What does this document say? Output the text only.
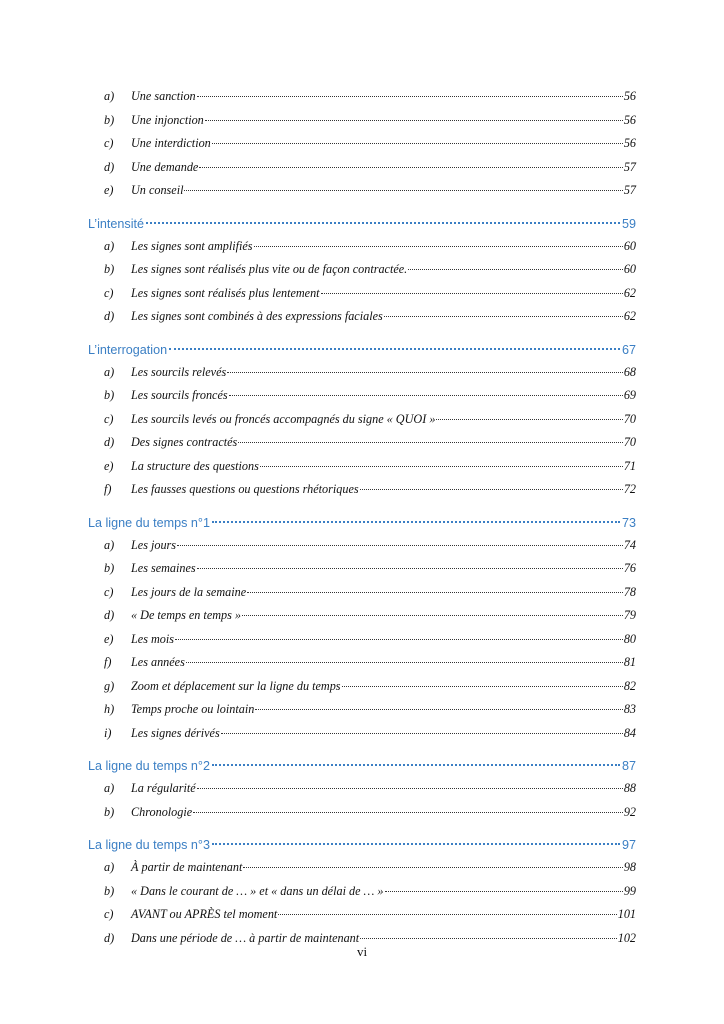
a)	Une sanction	56
b)	Une injonction	56
c)	Une interdiction	56
d)	Une demande	57
e)	Un conseil	57
L’intensité	59
a)	Les signes sont amplifiés	60
b)	Les signes sont réalisés plus vite ou de façon contractée.	60
c)	Les signes sont réalisés plus lentement	62
d)	Les signes sont combinés à des expressions faciales	62
L’interrogation	67
a)	Les sourcils relevés	68
b)	Les sourcils froncés	69
c)	Les sourcils levés ou froncés accompagnés du signe « QUOI »	70
d)	Des signes contractés	70
e)	La structure des questions	71
f)	Les fausses questions ou questions rhétoriques	72
La ligne du temps n°1	73
a)	Les jours	74
b)	Les semaines	76
c)	Les jours de la semaine	78
d)	« De temps en temps »	79
e)	Les mois	80
f)	Les années	81
g)	Zoom et déplacement sur la ligne du temps	82
h)	Temps proche ou lointain	83
i)	Les signes dérivés	84
La ligne du temps n°2	87
a)	La régularité	88
b)	Chronologie	92
La ligne du temps n°3	97
a)	À partir de maintenant	98
b)	« Dans le courant de … » et « dans un délai de … »	99
c)	AVANT ou APRÈS tel moment	101
d)	Dans une période de … à partir de maintenant	102
vi
